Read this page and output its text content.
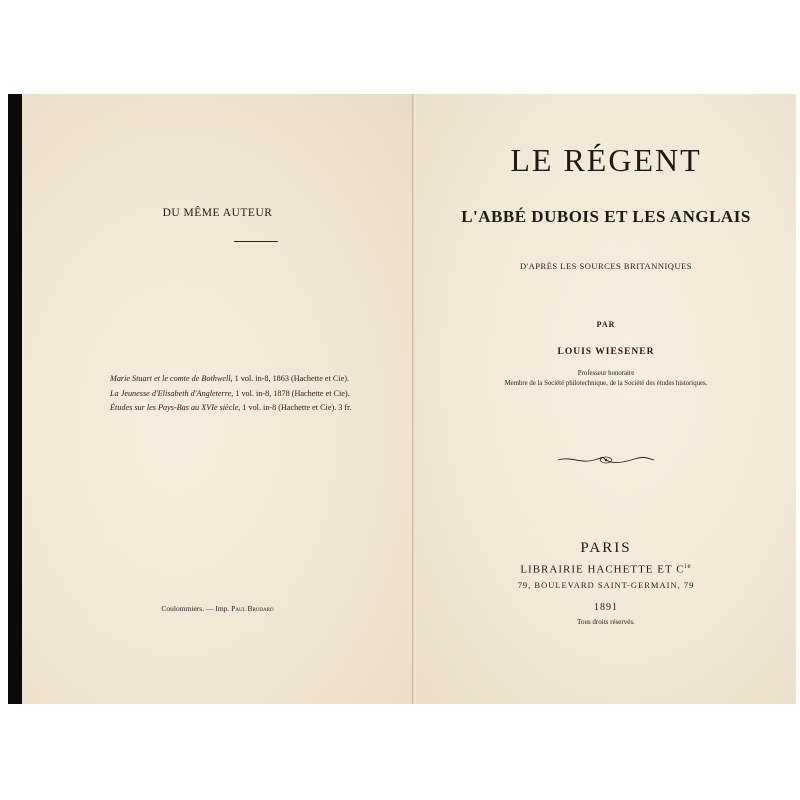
DU MÊME AUTEUR
Marie Stuart et le comte de Bothwell, 1 vol. in-8, 1863 (Hachette et Cie).
La Jeunesse d'Elisabeth d'Angleterre, 1 vol. in-8, 1878 (Hachette et Cie).
Études sur les Pays-Bas au XVIe siècle, 1 vol. in-8 (Hachette et Cie). 3 fr.
Coulommiers. — Imp. Paul Brodard
LE RÉGENT
L'ABBÉ DUBOIS ET LES ANGLAIS
D'APRÈS LES SOURCES BRITANNIQUES
PAR
LOUIS WIESENER
Professeur honoraire
Membre de la Société philotechnique, de la Société des études historiques.
PARIS
LIBRAIRIE HACHETTE ET $C^{ie}$
79, BOULEVARD SAINT-GERMAIN, 79
1891
Tous droits réservés.
